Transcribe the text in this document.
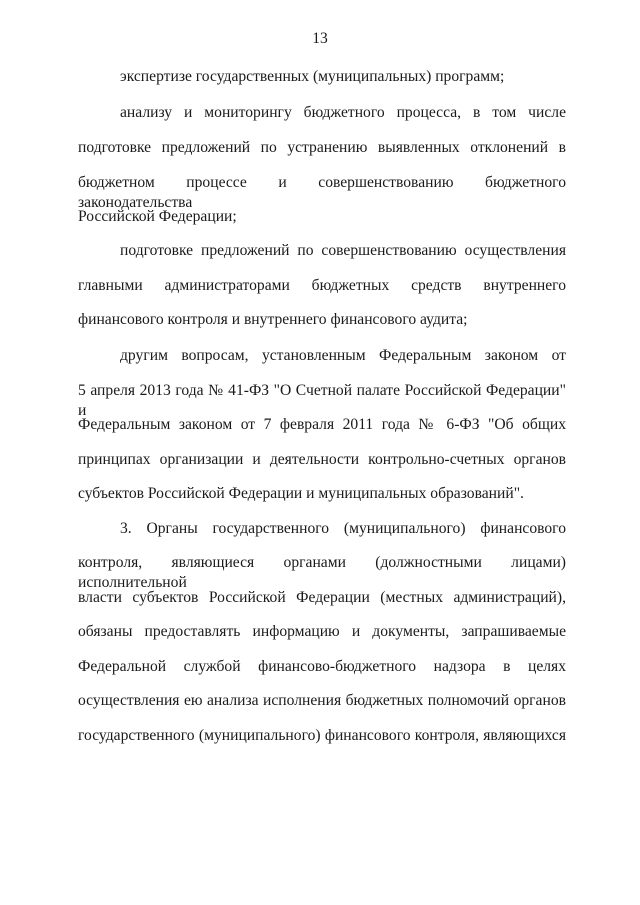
13
экспертизе государственных (муниципальных) программ;
анализу и мониторингу бюджетного процесса, в том числе
подготовке предложений по устранению выявленных отклонений в
бюджетном процессе и совершенствованию бюджетного законодательства
Российской Федерации;
подготовке предложений по совершенствованию осуществления
главными администраторами бюджетных средств внутреннего
финансового контроля и внутреннего финансового аудита;
другим вопросам, установленным Федеральным законом от
5 апреля 2013 года № 41-ФЗ "О Счетной палате Российской Федерации" и
Федеральным законом от 7 февраля 2011 года № 6-ФЗ "Об общих
принципах организации и деятельности контрольно-счетных органов
субъектов Российской Федерации и муниципальных образований".
3. Органы государственного (муниципального) финансового
контроля, являющиеся органами (должностными лицами) исполнительной
власти субъектов Российской Федерации (местных администраций),
обязаны предоставлять информацию и документы, запрашиваемые
Федеральной службой финансово-бюджетного надзора в целях
осуществления ею анализа исполнения бюджетных полномочий органов
государственного (муниципального) финансового контроля, являющихся
